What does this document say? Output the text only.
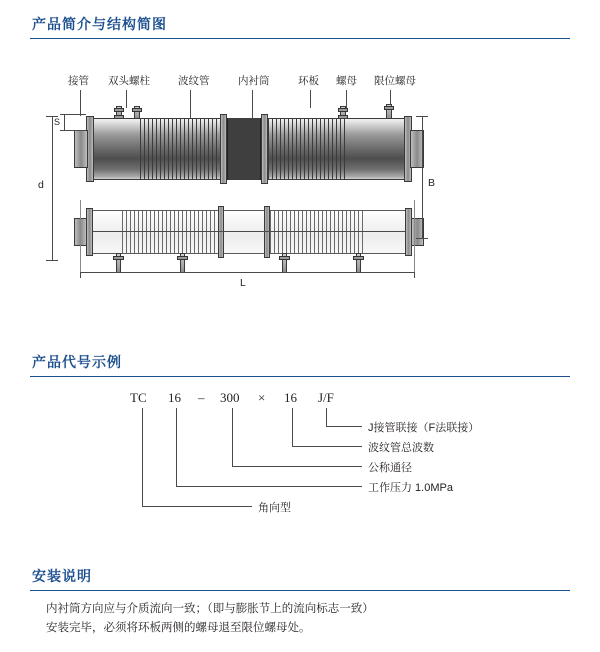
产品简介与结构简图
接管 双头螺柱	波纹管	内衬筒	环板 螺母 限位螺母
S
d	B
L
产品代号示例
TC 16 – 300 × 16 J/F
J接管联接（F法联接）
波纹管总波数
公称通径
工作压力 1.0MPa
角向型
安装说明
内衬筒方向应与介质流向一致；（即与膨胀节上的流向标志一致）
安装完毕，必须将环板两侧的螺母退至限位螺母处。
